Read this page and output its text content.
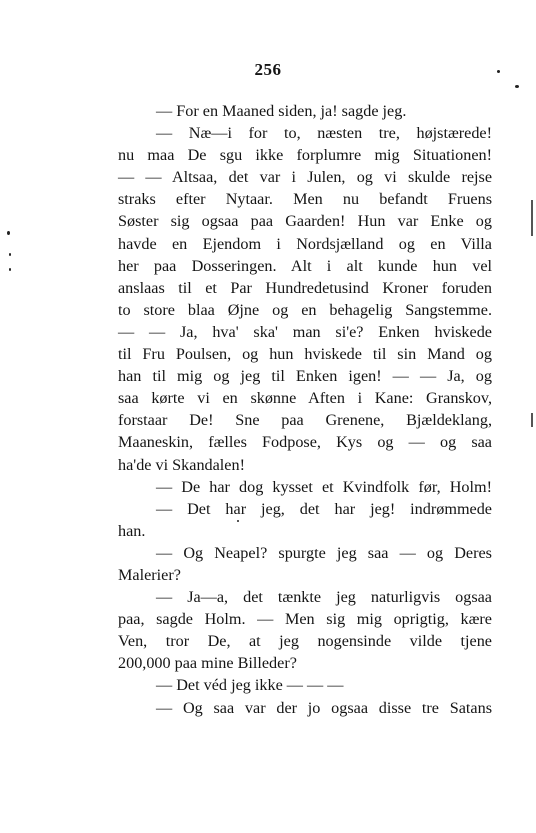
256
— For en Maaned siden, ja! sagde jeg.
— Næ—i for to, næsten tre, højstærede!
nu maa De sgu ikke forplumre mig Situationen!
— — Altsaa, det var i Julen, og vi skulde rejse
straks efter Nytaar. Men nu befandt Fruens
Søster sig ogsaa paa Gaarden! Hun var Enke og
havde en Ejendom i Nordsjælland og en Villa
her paa Dosseringen. Alt i alt kunde hun vel
anslaas til et Par Hundredetusind Kroner foruden
to store blaa Øjne og en behagelig Sangstemme.
— — Ja, hva' ska' man si'e? Enken hviskede
til Fru Poulsen, og hun hviskede til sin Mand og
han til mig og jeg til Enken igen! — — Ja, og
saa kørte vi en skønne Aften i Kane: Granskov,
forstaar De! Sne paa Grenene, Bjældeklang,
Maaneskin, fælles Fodpose, Kys og — og saa
ha'de vi Skandalen!
— De har dog kysset et Kvindfolk før, Holm!
— Det har jeg, det har jeg! indrømmede
han.
— Og Neapel? spurgte jeg saa — og Deres
Malerier?
— Ja—a, det tænkte jeg naturligvis ogsaa
paa, sagde Holm. — Men sig mig oprigtig, kære
Ven, tror De, at jeg nogensinde vilde tjene
200,000 paa mine Billeder?
— Det véd jeg ikke — — —
— Og saa var der jo ogsaa disse tre Satans
